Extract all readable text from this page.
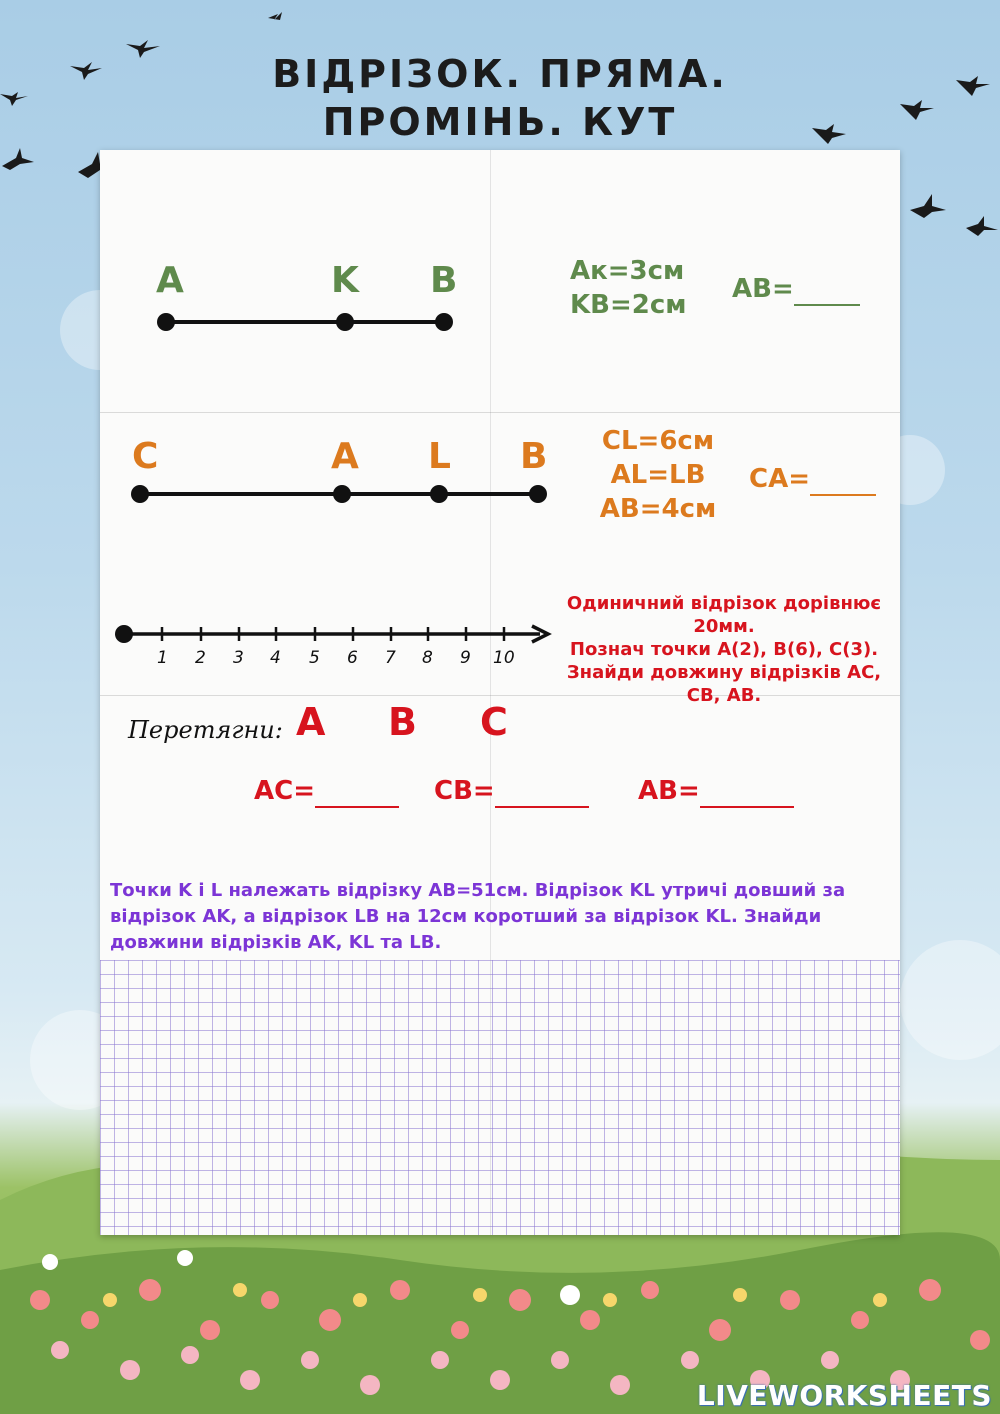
ВІДРІЗОК. ПРЯМА.
ПРОМІНЬ. КУТ
A	K B	Ак=3см
KB=2см
AB=
C	A L B CL=6см
AL=LB
AB=4см
CA=
1 2 3 4 5 6 7 8 9 10
Одиничний відрізок дорівнює
20мм.
Познач точки A(2), B(6), C(3).
Знайди довжину відрізків AC,
CB, AB.
Перетягни: A B C
AC=	CB=	AB=
Точки K і L належать відрізку AB=51см. Відрізок KL утричі довший за
відрізок AK, а відрізок LB на 12см коротший за відрізок KL. Знайди
довжини відрізків AK, KL та LB.
LIVEWORKSHEETS
